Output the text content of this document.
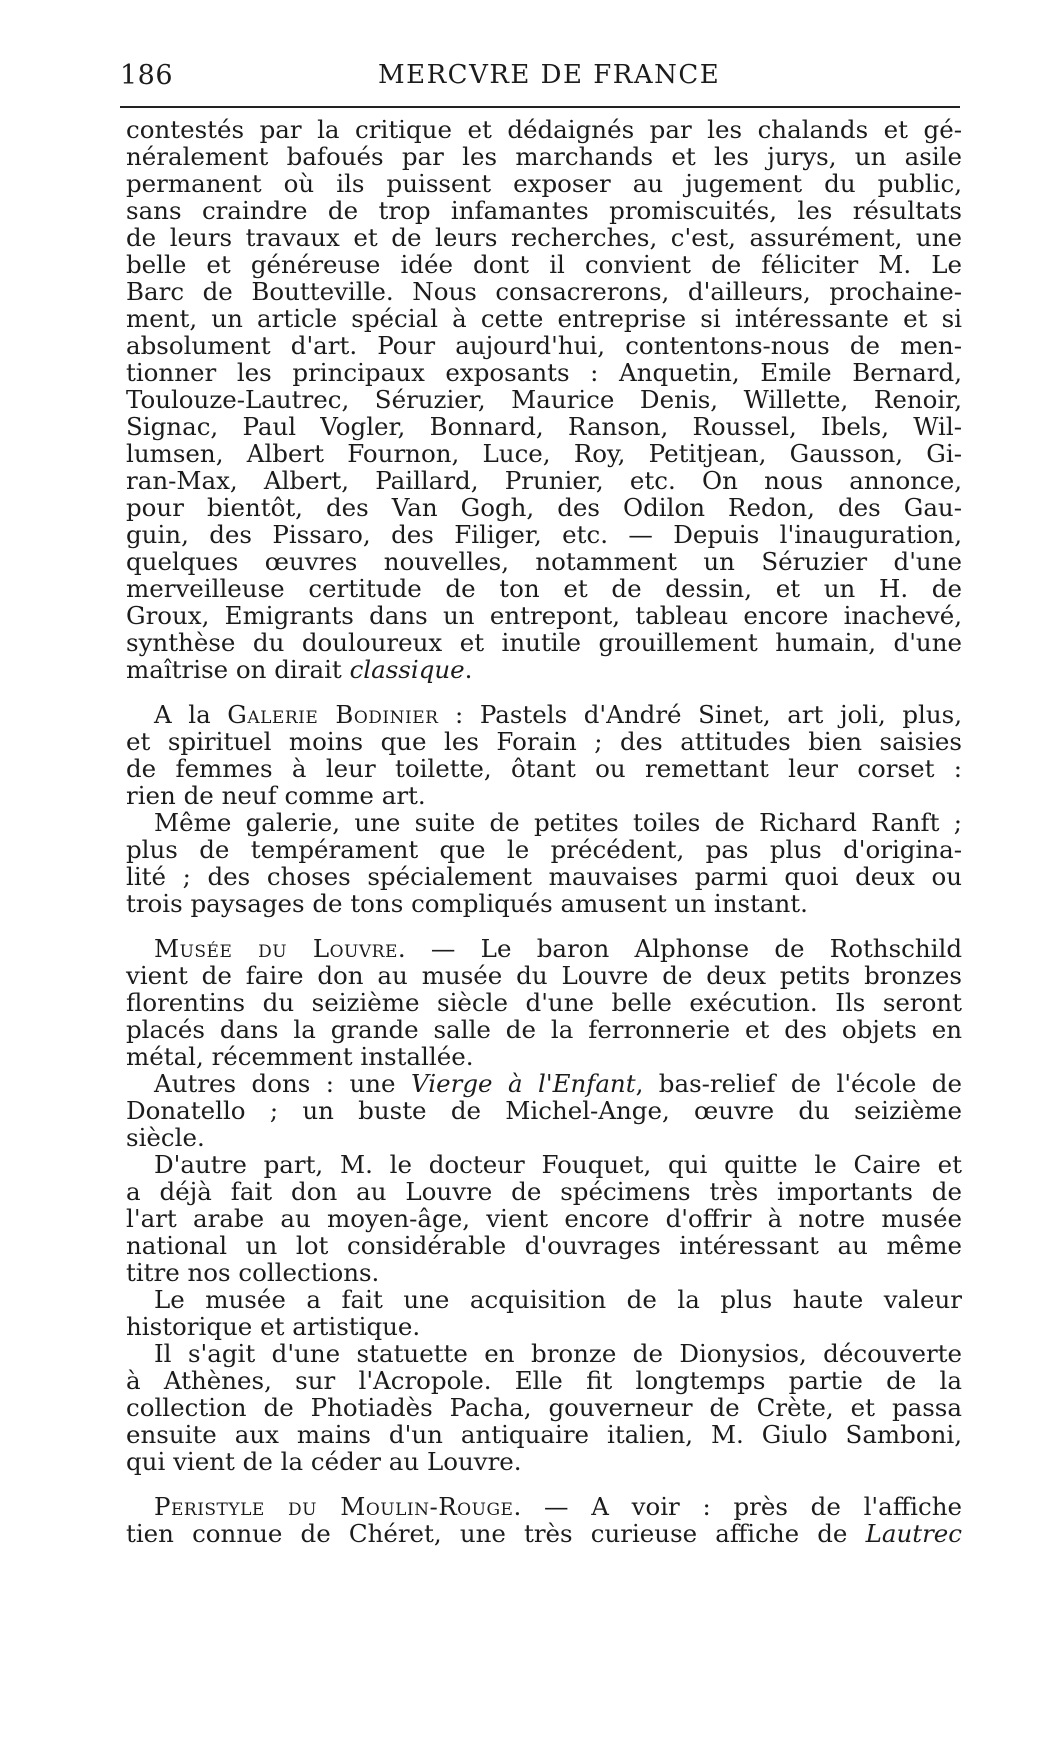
186	MERCVRE DE FRANCE
contestés par la critique et dédaignés par les chalands et gé-
néralement bafoués par les marchands et les jurys, un asile
permanent où ils puissent exposer au jugement du public,
sans craindre de trop infamantes promiscuités, les résultats
de leurs travaux et de leurs recherches, c'est, assurément, une
belle et généreuse idée dont il convient de féliciter M. Le
Barc de Boutteville. Nous consacrerons, d'ailleurs, prochaine-
ment, un article spécial à cette entreprise si intéressante et si
absolument d'art. Pour aujourd'hui, contentons-nous de men-
tionner les principaux exposants : Anquetin, Emile Bernard,
Toulouze-Lautrec, Séruzier, Maurice Denis, Willette, Renoir,
Signac, Paul Vogler, Bonnard, Ranson, Roussel, Ibels, Wil-
lumsen, Albert Fournon, Luce, Roy, Petitjean, Gausson, Gi-
ran-Max, Albert, Paillard, Prunier, etc. On nous annonce,
pour bientôt, des Van Gogh, des Odilon Redon, des Gau-
guin, des Pissaro, des Filiger, etc. — Depuis l'inauguration,
quelques œuvres nouvelles, notamment un Séruzier d'une
merveilleuse certitude de ton et de dessin, et un H. de
Groux, Emigrants dans un entrepont, tableau encore inachevé,
synthèse du douloureux et inutile grouillement humain, d'une
maîtrise on dirait classique.
A la Galerie Bodinier : Pastels d'André Sinet, art joli, plus,
et spirituel moins que les Forain ; des attitudes bien saisies
de femmes à leur toilette, ôtant ou remettant leur corset :
rien de neuf comme art.
Même galerie, une suite de petites toiles de Richard Ranft ;
plus de tempérament que le précédent, pas plus d'origina-
lité ; des choses spécialement mauvaises parmi quoi deux ou
trois paysages de tons compliqués amusent un instant.
Musée du Louvre. — Le baron Alphonse de Rothschild
vient de faire don au musée du Louvre de deux petits bronzes
florentins du seizième siècle d'une belle exécution. Ils seront
placés dans la grande salle de la ferronnerie et des objets en
métal, récemment installée.
Autres dons : une Vierge à l'Enfant, bas-relief de l'école de
Donatello ; un buste de Michel-Ange, œuvre du seizième
siècle.
D'autre part, M. le docteur Fouquet, qui quitte le Caire et
a déjà fait don au Louvre de spécimens très importants de
l'art arabe au moyen-âge, vient encore d'offrir à notre musée
national un lot considérable d'ouvrages intéressant au même
titre nos collections.
Le musée a fait une acquisition de la plus haute valeur
historique et artistique.
Il s'agit d'une statuette en bronze de Dionysios, découverte
à Athènes, sur l'Acropole. Elle fit longtemps partie de la
collection de Photiadès Pacha, gouverneur de Crète, et passa
ensuite aux mains d'un antiquaire italien, M. Giulo Samboni,
qui vient de la céder au Louvre.
Peristyle du Moulin-Rouge. — A voir : près de l'affiche
tien connue de Chéret, une très curieuse affiche de Lautrec
